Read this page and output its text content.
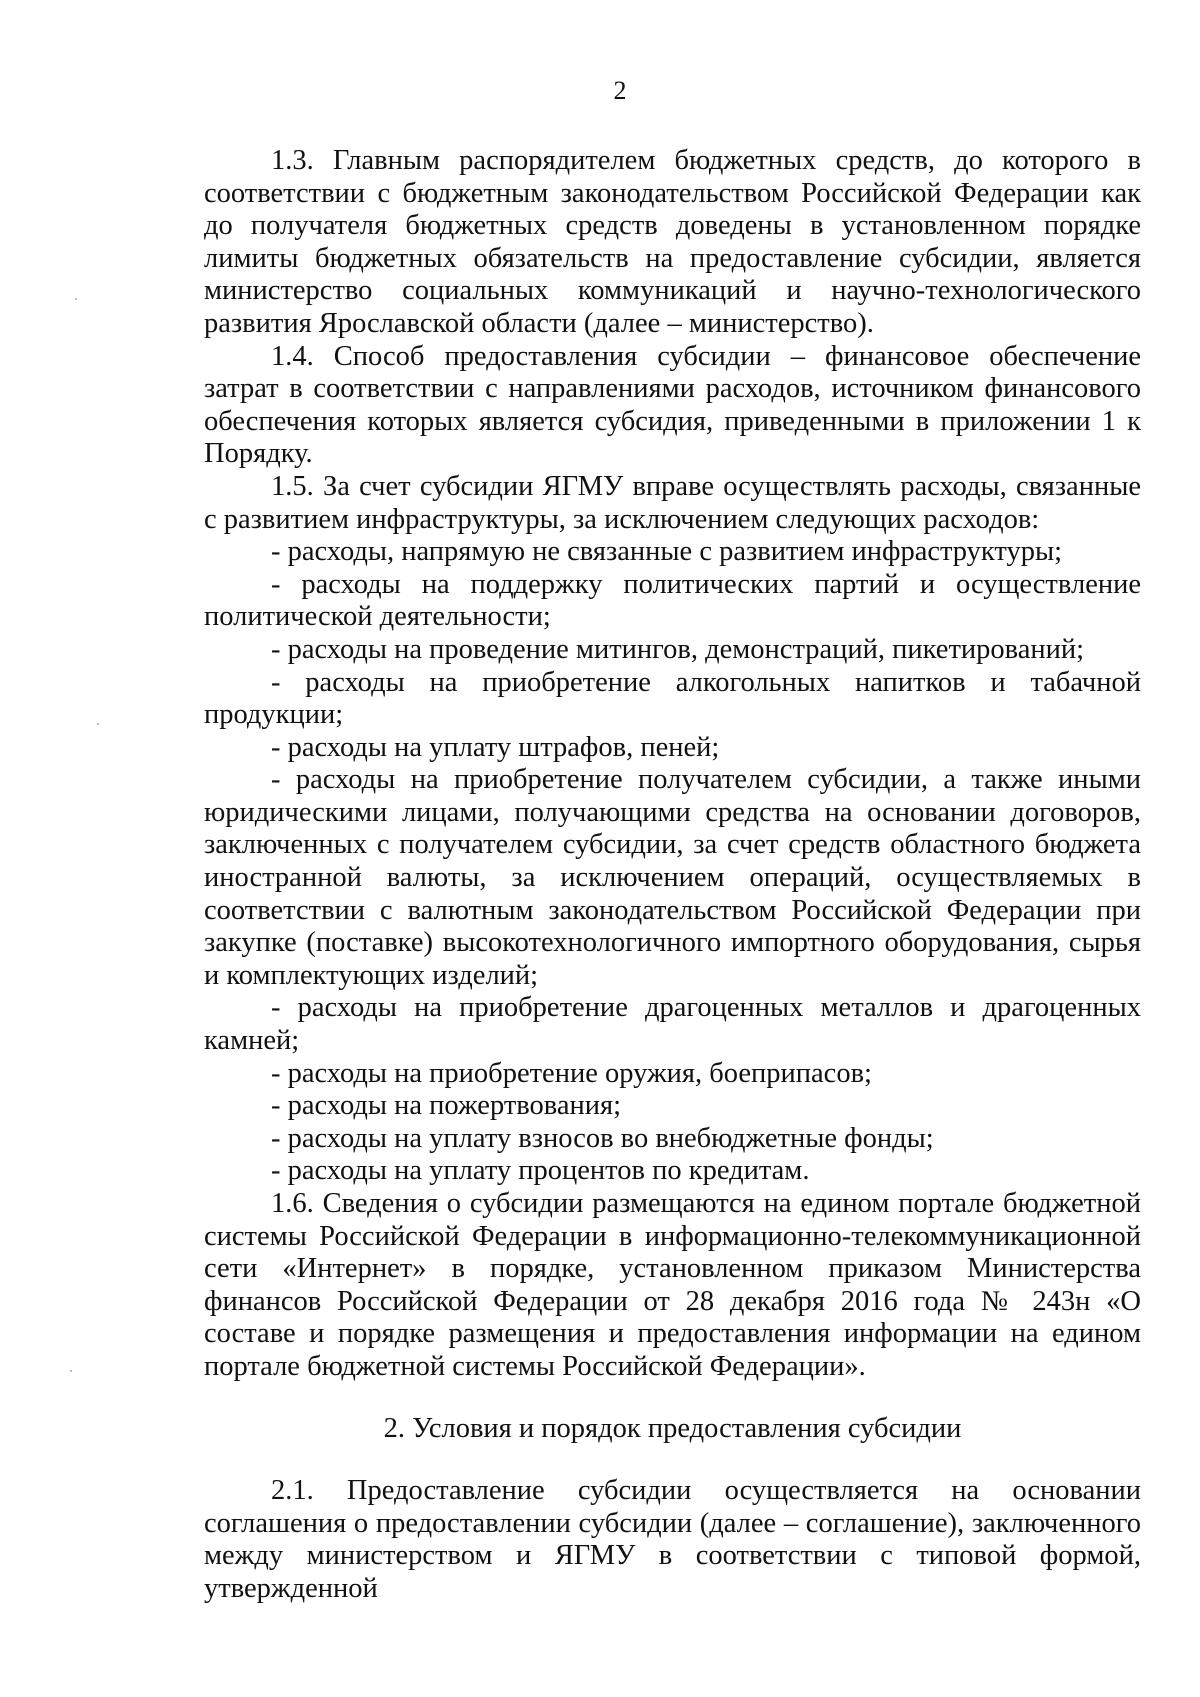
2

1.3. Главным распорядителем бюджетных средств, до которого в соответствии с бюджетным законодательством Российской Федерации как до получателя бюджетных средств доведены в установленном порядке лимиты бюджетных обязательств на предоставление субсидии, является министерство социальных коммуникаций и научно-технологического развития Ярославской области (далее – министерство).

1.4. Способ предоставления субсидии – финансовое обеспечение затрат в соответствии с направлениями расходов, источником финансового обеспечения которых является субсидия, приведенными в приложении 1 к Порядку.

1.5. За счет субсидии ЯГМУ вправе осуществлять расходы, связанные с развитием инфраструктуры, за исключением следующих расходов:

- расходы, напрямую не связанные с развитием инфраструктуры;

- расходы на поддержку политических партий и осуществление политической деятельности;

- расходы на проведение митингов, демонстраций, пикетирований;

- расходы на приобретение алкогольных напитков и табачной продукции;

- расходы на уплату штрафов, пеней;

- расходы на приобретение получателем субсидии, а также иными юридическими лицами, получающими средства на основании договоров, заключенных с получателем субсидии, за счет средств областного бюджета иностранной валюты, за исключением операций, осуществляемых в соответствии с валютным законодательством Российской Федерации при закупке (поставке) высокотехнологичного импортного оборудования, сырья и комплектующих изделий;

- расходы на приобретение драгоценных металлов и драгоценных камней;

- расходы на приобретение оружия, боеприпасов;

- расходы на пожертвования;

- расходы на уплату взносов во внебюджетные фонды;

- расходы на уплату процентов по кредитам.

1.6. Сведения о субсидии размещаются на едином портале бюджетной системы Российской Федерации в информационно-телекоммуникационной сети «Интернет» в порядке, установленном приказом Министерства финансов Российской Федерации от 28 декабря 2016 года № 243н «О составе и порядке размещения и предоставления информации на едином портале бюджетной системы Российской Федерации».

2. Условия и порядок предоставления субсидии

2.1. Предоставление субсидии осуществляется на основании соглашения о предоставлении субсидии (далее – соглашение), заключенного между министерством и ЯГМУ в соответствии с типовой формой, утвержденной
